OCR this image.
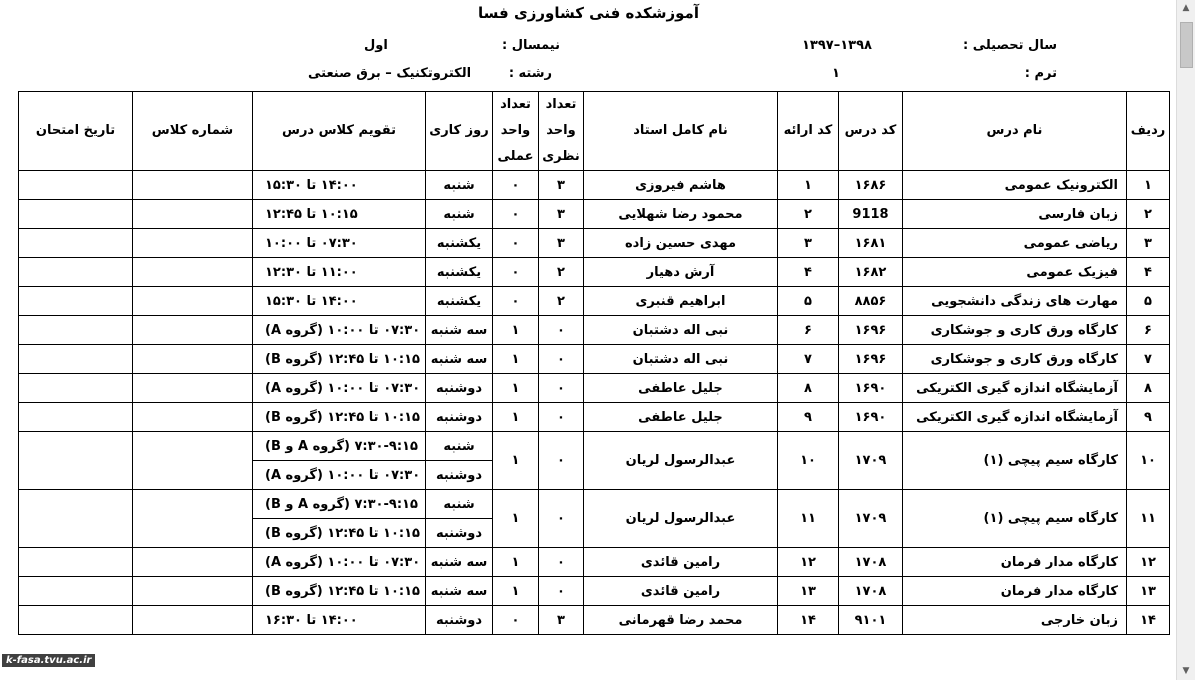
آموزشکده فنی کشاورزی فسا
سال تحصیلی :
۱۳۹۸–۱۳۹۷
نیمسال :
اول
ترم :
۱
رشته :
الکتروتکنیک – برق صنعتی
ردیف	نام درس	کد درس	کد ارائه	نام کامل استاد	تعداد واحد نظری	تعداد واحد عملی	روز کاری	تقویم کلاس درس	شماره کلاس	تاریخ امتحان
۱	الکترونیک عمومی	۱۶۸۶	۱	هاشم فیروزی	۳	۰	شنبه	۱۴:۰۰ تا ۱۵:۳۰		
۲	زبان فارسی	9118	۲	محمود رضا شهلایی	۳	۰	شنبه	۱۰:۱۵ تا ۱۲:۴۵		
۳	ریاضی عمومی	۱۶۸۱	۳	مهدی حسین زاده	۳	۰	یکشنبه	۰۷:۳۰ تا ۱۰:۰۰		
۴	فیزیک عمومی	۱۶۸۲	۴	آرش دهیار	۲	۰	یکشنبه	۱۱:۰۰ تا ۱۲:۳۰		
۵	مهارت های زندگی دانشجویی	۸۸۵۶	۵	ابراهیم قنبری	۲	۰	یکشنبه	۱۴:۰۰ تا ۱۵:۳۰		
۶	کارگاه ورق کاری و جوشکاری	۱۶۹۶	۶	نبی اله دشتبان	۰	۱	سه شنبه	۰۷:۳۰ تا ۱۰:۰۰ (گروه A)		
۷	کارگاه ورق کاری و جوشکاری	۱۶۹۶	۷	نبی اله دشتبان	۰	۱	سه شنبه	۱۰:۱۵ تا ۱۲:۴۵ (گروه B)		
۸	آزمایشگاه اندازه گیری الکتریکی	۱۶۹۰	۸	جلیل عاطفی	۰	۱	دوشنبه	۰۷:۳۰ تا ۱۰:۰۰ (گروه A)		
۹	آزمایشگاه اندازه گیری الکتریکی	۱۶۹۰	۹	جلیل عاطفی	۰	۱	دوشنبه	۱۰:۱۵ تا ۱۲:۴۵ (گروه B)		
۱۰	کارگاه سیم پیچی (۱)	۱۷۰۹	۱۰	عبدالرسول لریان	۰	۱	شنبه	۷:۳۰-۹:۱۵ (گروه A و B)		
							دوشنبه	۰۷:۳۰ تا ۱۰:۰۰ (گروه A)		
۱۱	کارگاه سیم پیچی (۱)	۱۷۰۹	۱۱	عبدالرسول لریان	۰	۱	شنبه	۷:۳۰-۹:۱۵ (گروه A و B)		
							دوشنبه	۱۰:۱۵ تا ۱۲:۴۵ (گروه B)		
۱۲	کارگاه مدار فرمان	۱۷۰۸	۱۲	رامین قائدی	۰	۱	سه شنبه	۰۷:۳۰ تا ۱۰:۰۰ (گروه A)		
۱۳	کارگاه مدار فرمان	۱۷۰۸	۱۳	رامین قائدی	۰	۱	سه شنبه	۱۰:۱۵ تا ۱۲:۴۵ (گروه B)		
۱۴	زبان خارجی	۹۱۰۱	۱۴	محمد رضا قهرمانی	۳	۰	دوشنبه	۱۴:۰۰ تا ۱۶:۳۰		
▲
▼
k-fasa.tvu.ac.ir
